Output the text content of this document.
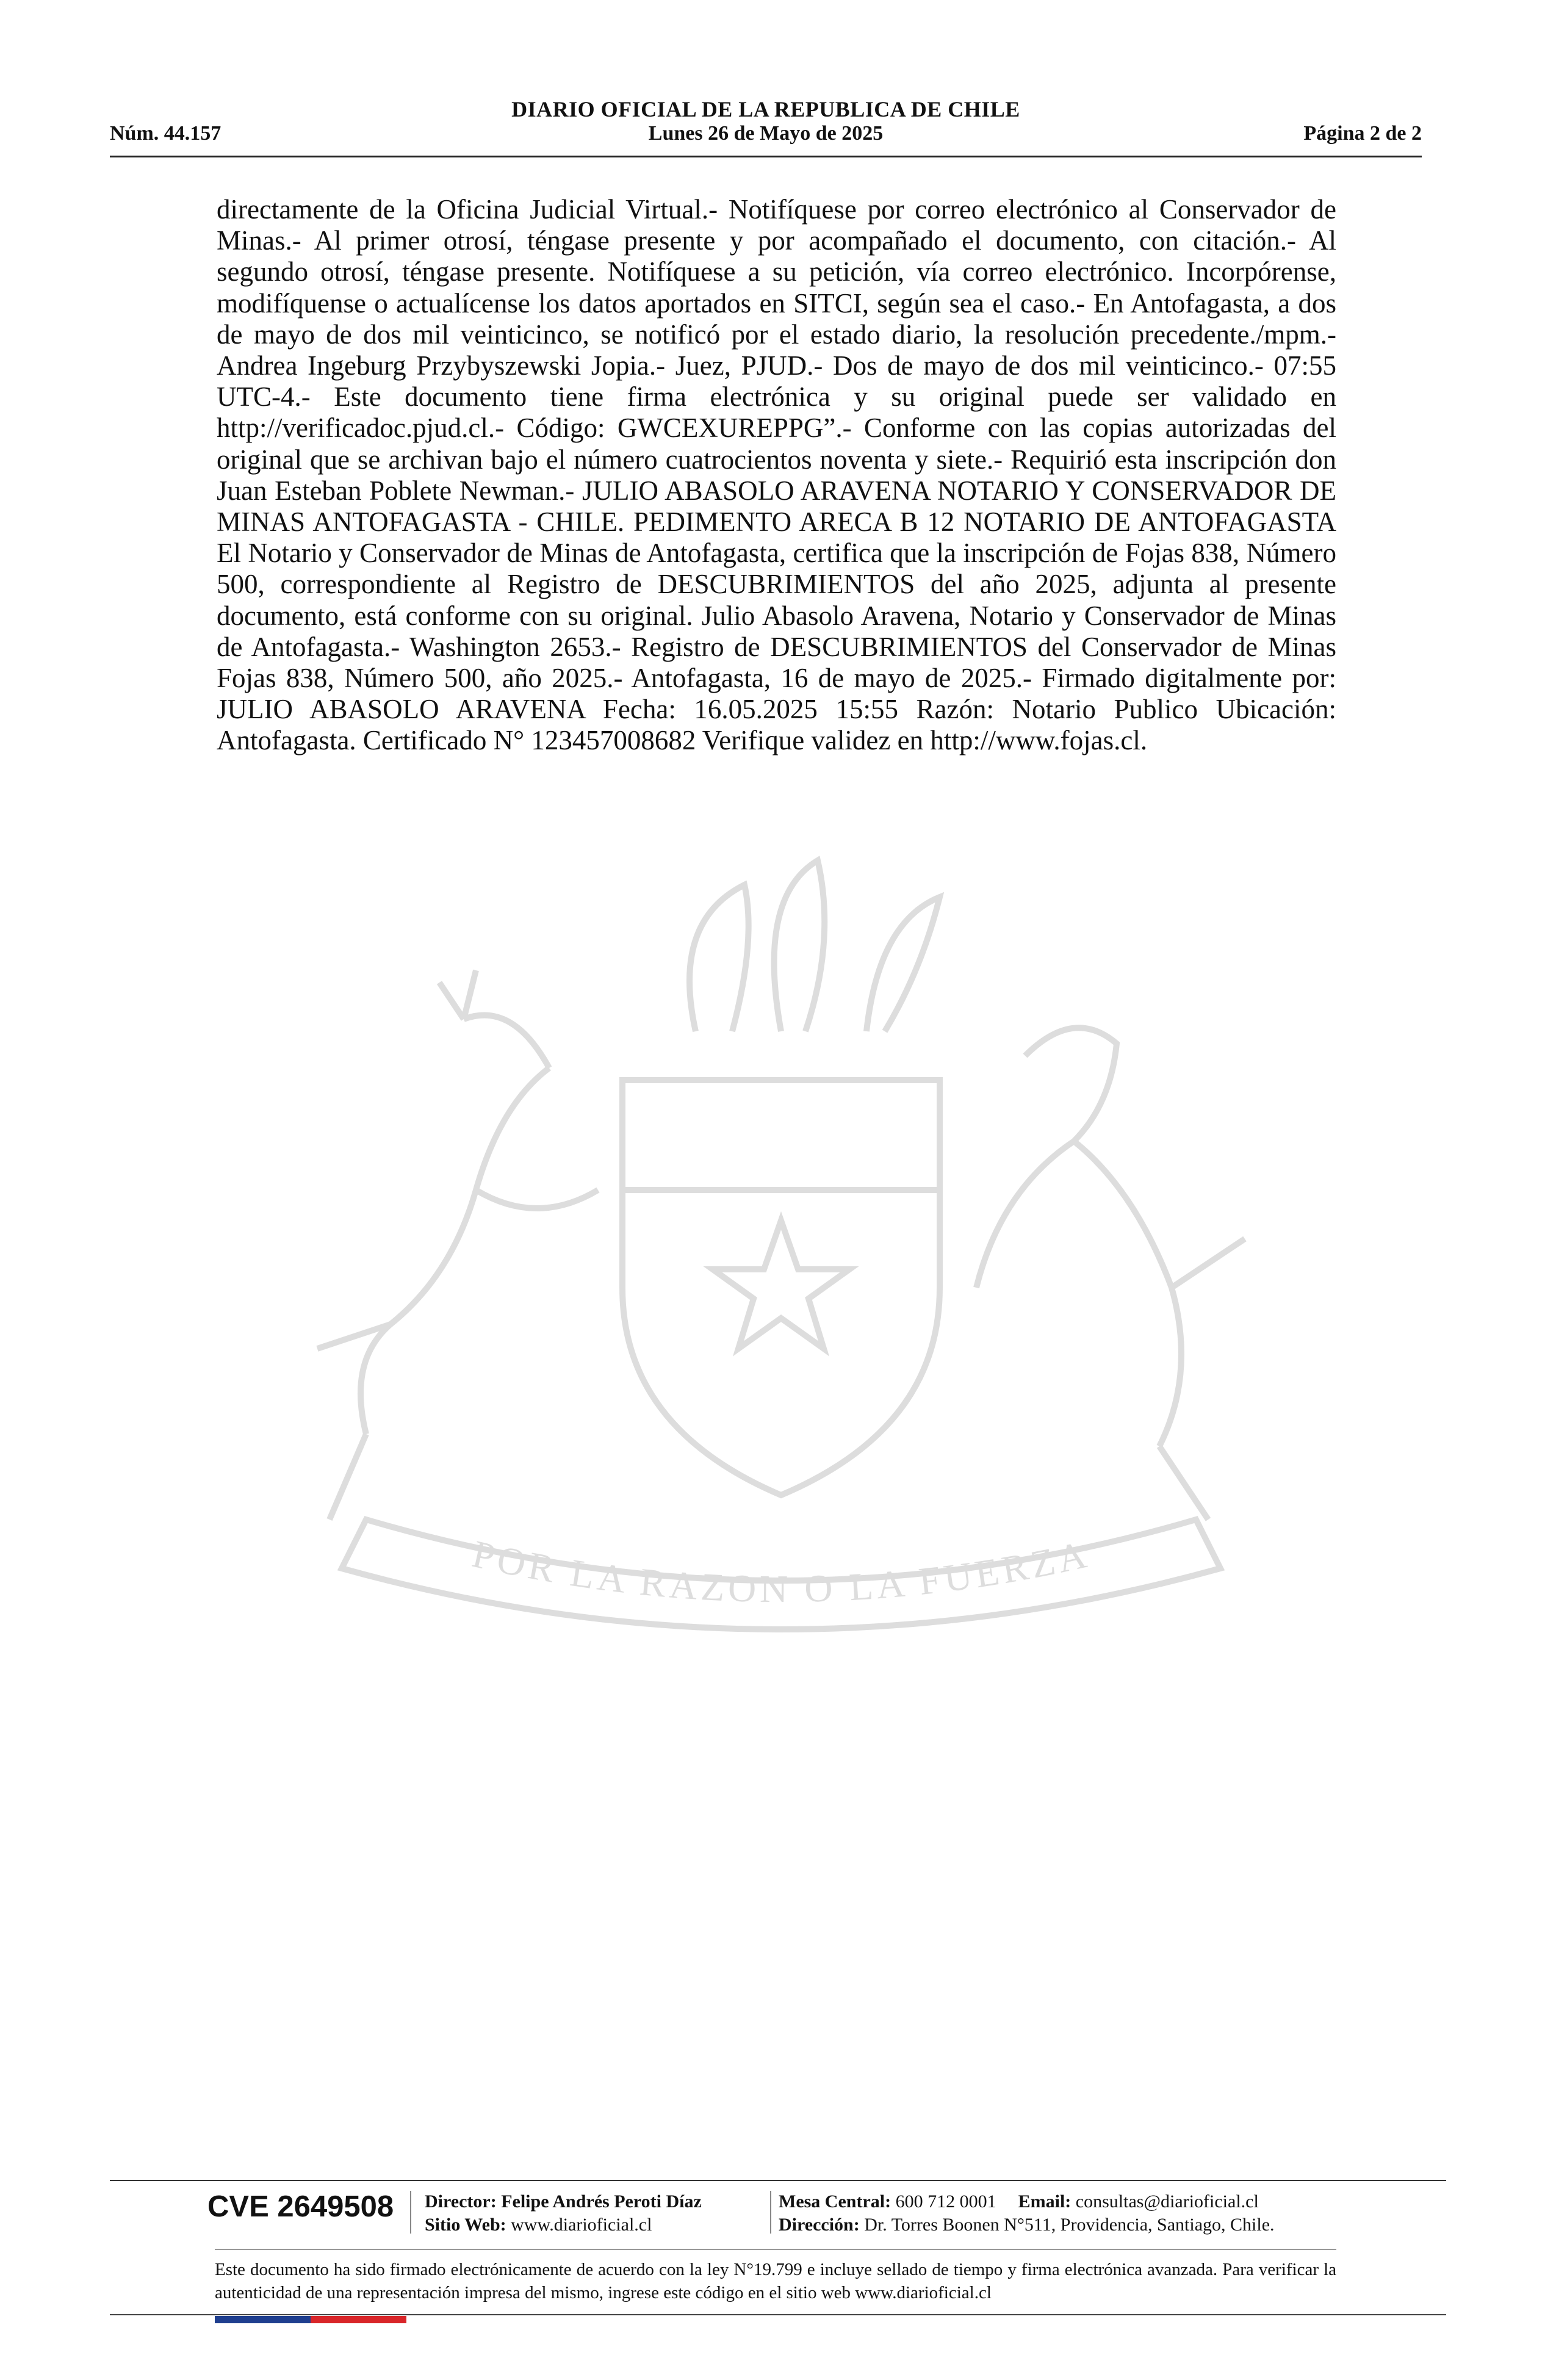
DIARIO OFICIAL DE LA REPUBLICA DE CHILE
Núm. 44.157	Lunes 26 de Mayo de 2025	Página 2 de 2
directamente de la Oficina Judicial Virtual.- Notifíquese por correo electrónico al Conservador de Minas.- Al primer otrosí, téngase presente y por acompañado el documento, con citación.- Al segundo otrosí, téngase presente. Notifíquese a su petición, vía correo electrónico. Incorpórense, modifíquense o actualícense los datos aportados en SITCI, según sea el caso.- En Antofagasta, a dos de mayo de dos mil veinticinco, se notificó por el estado diario, la resolución precedente./mpm.- Andrea Ingeburg Przybyszewski Jopia.- Juez, PJUD.- Dos de mayo de dos mil veinticinco.- 07:55 UTC-4.- Este documento tiene firma electrónica y su original puede ser validado en http://verificadoc.pjud.cl.- Código: GWCEXUREPPG”.- Conforme con las copias autorizadas del original que se archivan bajo el número cuatrocientos noventa y siete.- Requirió esta inscripción don Juan Esteban Poblete Newman.- JULIO ABASOLO ARAVENA NOTARIO Y CONSERVADOR DE MINAS ANTOFAGASTA - CHILE. PEDIMENTO ARECA B 12 NOTARIO DE ANTOFAGASTA El Notario y Conservador de Minas de Antofagasta, certifica que la inscripción de Fojas 838, Número 500, correspondiente al Registro de DESCUBRIMIENTOS del año 2025, adjunta al presente documento, está conforme con su original. Julio Abasolo Aravena, Notario y Conservador de Minas de Antofagasta.- Washington 2653.- Registro de DESCUBRIMIENTOS del Conservador de Minas Fojas 838, Número 500, año 2025.- Antofagasta, 16 de mayo de 2025.- Firmado digitalmente por: JULIO ABASOLO ARAVENA Fecha: 16.05.2025 15:55 Razón: Notario Publico Ubicación: Antofagasta. Certificado N° 123457008682 Verifique validez en http://www.fojas.cl.
POR LA RAZON O LA FUERZA
CVE 2649508 Director: Felipe Andrés Peroti Díaz
Sitio Web: www.diarioficial.cl
Mesa Central: 600 712 0001 Email: consultas@diarioficial.cl
Dirección: Dr. Torres Boonen N°511, Providencia, Santiago, Chile.
Este documento ha sido firmado electrónicamente de acuerdo con la ley N°19.799 e incluye sellado de tiempo y firma electrónica avanzada. Para verificar la autenticidad de una representación impresa del mismo, ingrese este código en el sitio web www.diarioficial.cl
